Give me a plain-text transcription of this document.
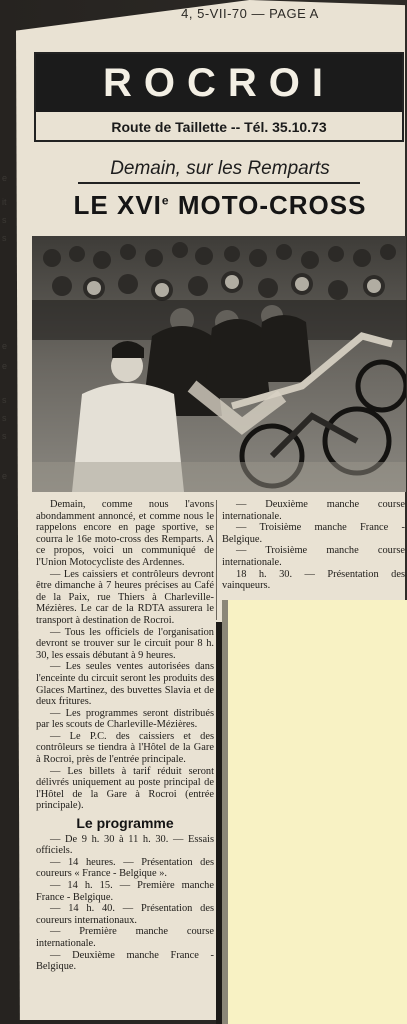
e
it
s
s
e
e
s
s
s
e
4, 5-VII-70 — PAGE A
ROCROI
Route de Taillette -- Tél. 35.10.73
Demain, sur les Remparts
LE XVIe MOTO-CROSS

Demain, comme nous l'avons abondamment annoncé, et comme nous le rappelons encore en page sportive, se courra le 16e moto-cross des Remparts. A ce propos, voici un communiqué de l'Union Motocycliste des Ardennes.

— Les caissiers et contrôleurs devront être dimanche à 7 heures précises au Café de la Paix, rue Thiers à Charleville-Mézières. Le car de la RDTA assurera le transport à destination de Rocroi.

— Tous les officiels de l'organisation devront se trouver sur le circuit pour 8 h. 30, les essais débutant à 9 heures.

— Les seules ventes autorisées dans l'enceinte du circuit seront les produits des Glaces Martinez, des buvettes Slavia et de deux fritures.

— Les programmes seront distribués par les scouts de Charleville-Mézières.

— Le P.C. des caissiers et des contrôleurs se tiendra à l'Hôtel de la Gare à Rocroi, près de l'entrée principale.

— Les billets à tarif réduit seront délivrés uniquement au poste principal de l'Hôtel de la Gare à Rocroi (entrée principale).

Le programme

— De 9 h. 30 à 11 h. 30. — Essais officiels.

— 14 heures. — Présentation des coureurs « France - Belgique ».

— 14 h. 15. — Première manche France - Belgique.

— 14 h. 40. — Présentation des coureurs internationaux.

— Première manche course internationale.

— Deuxième manche France - Belgique.

— Deuxième manche course internationale.

— Troisième manche France - Belgique.

— Troisième manche course internationale.

18 h. 30. — Présentation des vainqueurs.
